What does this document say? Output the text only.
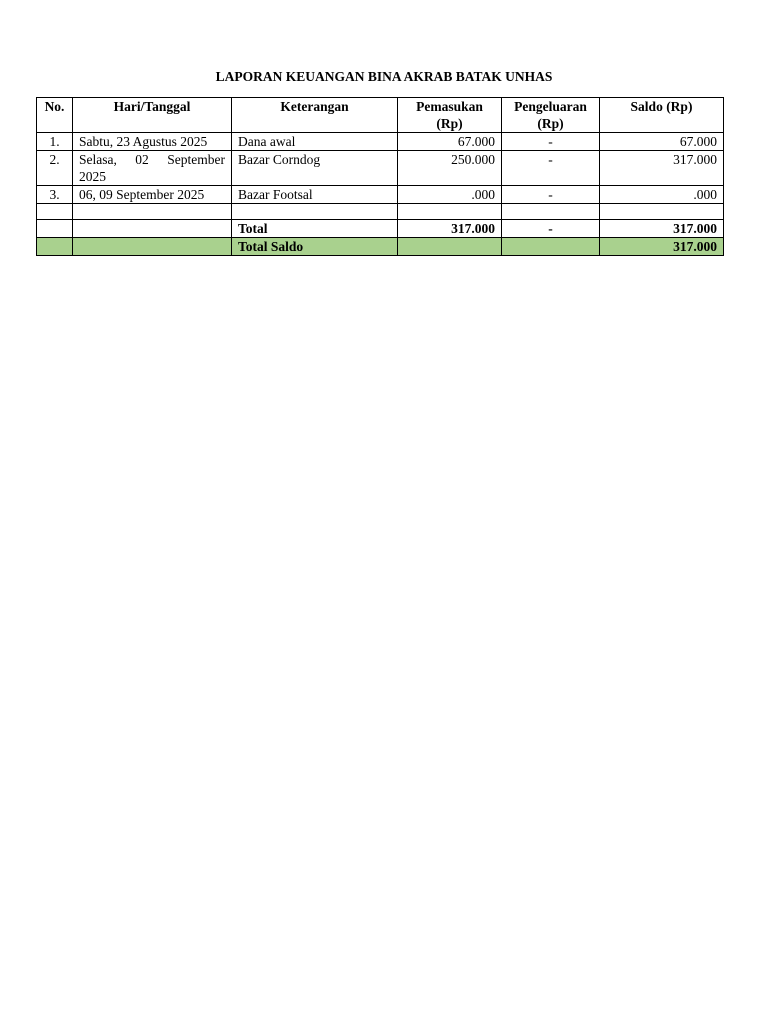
LAPORAN KEUANGAN BINA AKRAB BATAK UNHAS
No.	Hari/Tanggal	Keterangan	Pemasukan (Rp)	Pengeluaran (Rp)	Saldo (Rp)
1.	Sabtu, 23 Agustus 2025	Dana awal	67.000	-	67.000
2.	Selasa, 02 September 2025	Bazar Corndog	250.000	-	317.000
3.	06, 09 September 2025	Bazar Footsal	.000	-	.000

		Total	317.000	-	317.000
		Total Saldo			317.000
